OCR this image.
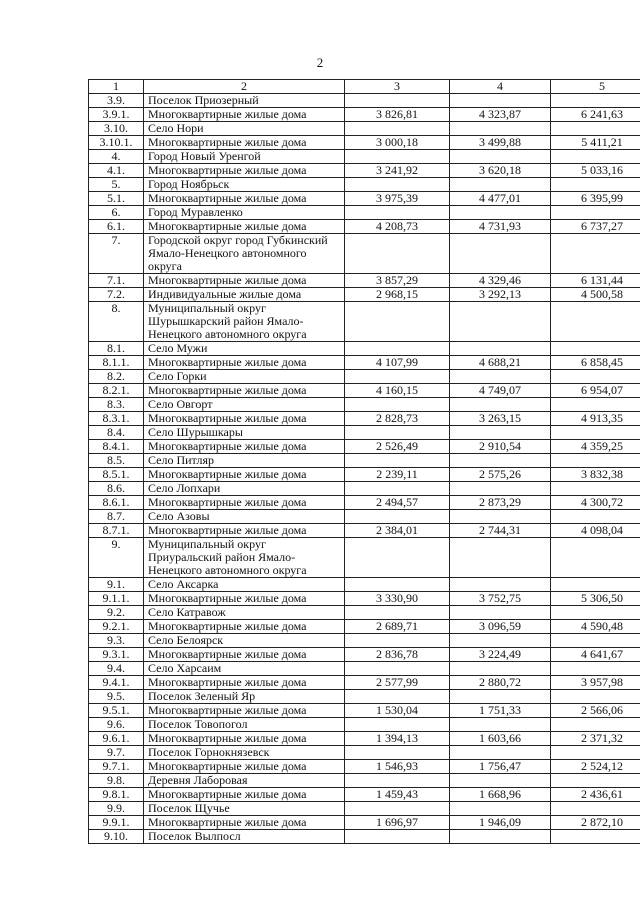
2
1	2	3	4	5
3.9.	Поселок Приозерный			
3.9.1.	Многоквартирные жилые дома	3 826,81	4 323,87	6 241,63
3.10.	Село Нори			
3.10.1.	Многоквартирные жилые дома	3 000,18	3 499,88	5 411,21
4.	Город Новый Уренгой			
4.1.	Многоквартирные жилые дома	3 241,92	3 620,18	5 033,16
5.	Город Ноябрьск			
5.1.	Многоквартирные жилые дома	3 975,39	4 477,01	6 395,99
6.	Город Муравленко			
6.1.	Многоквартирные жилые дома	4 208,73	4 731,93	6 737,27
7.	Городской округ город Губкинский Ямало-Ненецкого автономного округа			
7.1.	Многоквартирные жилые дома	3 857,29	4 329,46	6 131,44
7.2.	Индивидуальные жилые дома	2 968,15	3 292,13	4 500,58
8.	Муниципальный округ Шурышкарский район Ямало-Ненецкого автономного округа			
8.1.	Село Мужи			
8.1.1.	Многоквартирные жилые дома	4 107,99	4 688,21	6 858,45
8.2.	Село Горки			
8.2.1.	Многоквартирные жилые дома	4 160,15	4 749,07	6 954,07
8.3.	Село Овгорт			
8.3.1.	Многоквартирные жилые дома	2 828,73	3 263,15	4 913,35
8.4.	Село Шурышкары			
8.4.1.	Многоквартирные жилые дома	2 526,49	2 910,54	4 359,25
8.5.	Село Питляр			
8.5.1.	Многоквартирные жилые дома	2 239,11	2 575,26	3 832,38
8.6.	Село Лопхари			
8.6.1.	Многоквартирные жилые дома	2 494,57	2 873,29	4 300,72
8.7.	Село Азовы			
8.7.1.	Многоквартирные жилые дома	2 384,01	2 744,31	4 098,04
9.	Муниципальный округ Приуральский район Ямало-Ненецкого автономного округа			
9.1.	Село Аксарка			
9.1.1.	Многоквартирные жилые дома	3 330,90	3 752,75	5 306,50
9.2.	Село Катравож			
9.2.1.	Многоквартирные жилые дома	2 689,71	3 096,59	4 590,48
9.3.	Село Белоярск			
9.3.1.	Многоквартирные жилые дома	2 836,78	3 224,49	4 641,67
9.4.	Село Харсаим			
9.4.1.	Многоквартирные жилые дома	2 577,99	2 880,72	3 957,98
9.5.	Поселок Зеленый Яр			
9.5.1.	Многоквартирные жилые дома	1 530,04	1 751,33	2 566,06
9.6.	Поселок Товопогол			
9.6.1.	Многоквартирные жилые дома	1 394,13	1 603,66	2 371,32
9.7.	Поселок Горнокнязевск			
9.7.1.	Многоквартирные жилые дома	1 546,93	1 756,47	2 524,12
9.8.	Деревня Лаборовая			
9.8.1.	Многоквартирные жилые дома	1 459,43	1 668,96	2 436,61
9.9.	Поселок Щучье			
9.9.1.	Многоквартирные жилые дома	1 696,97	1 946,09	2 872,10
9.10.	Поселок Вылпосл			
